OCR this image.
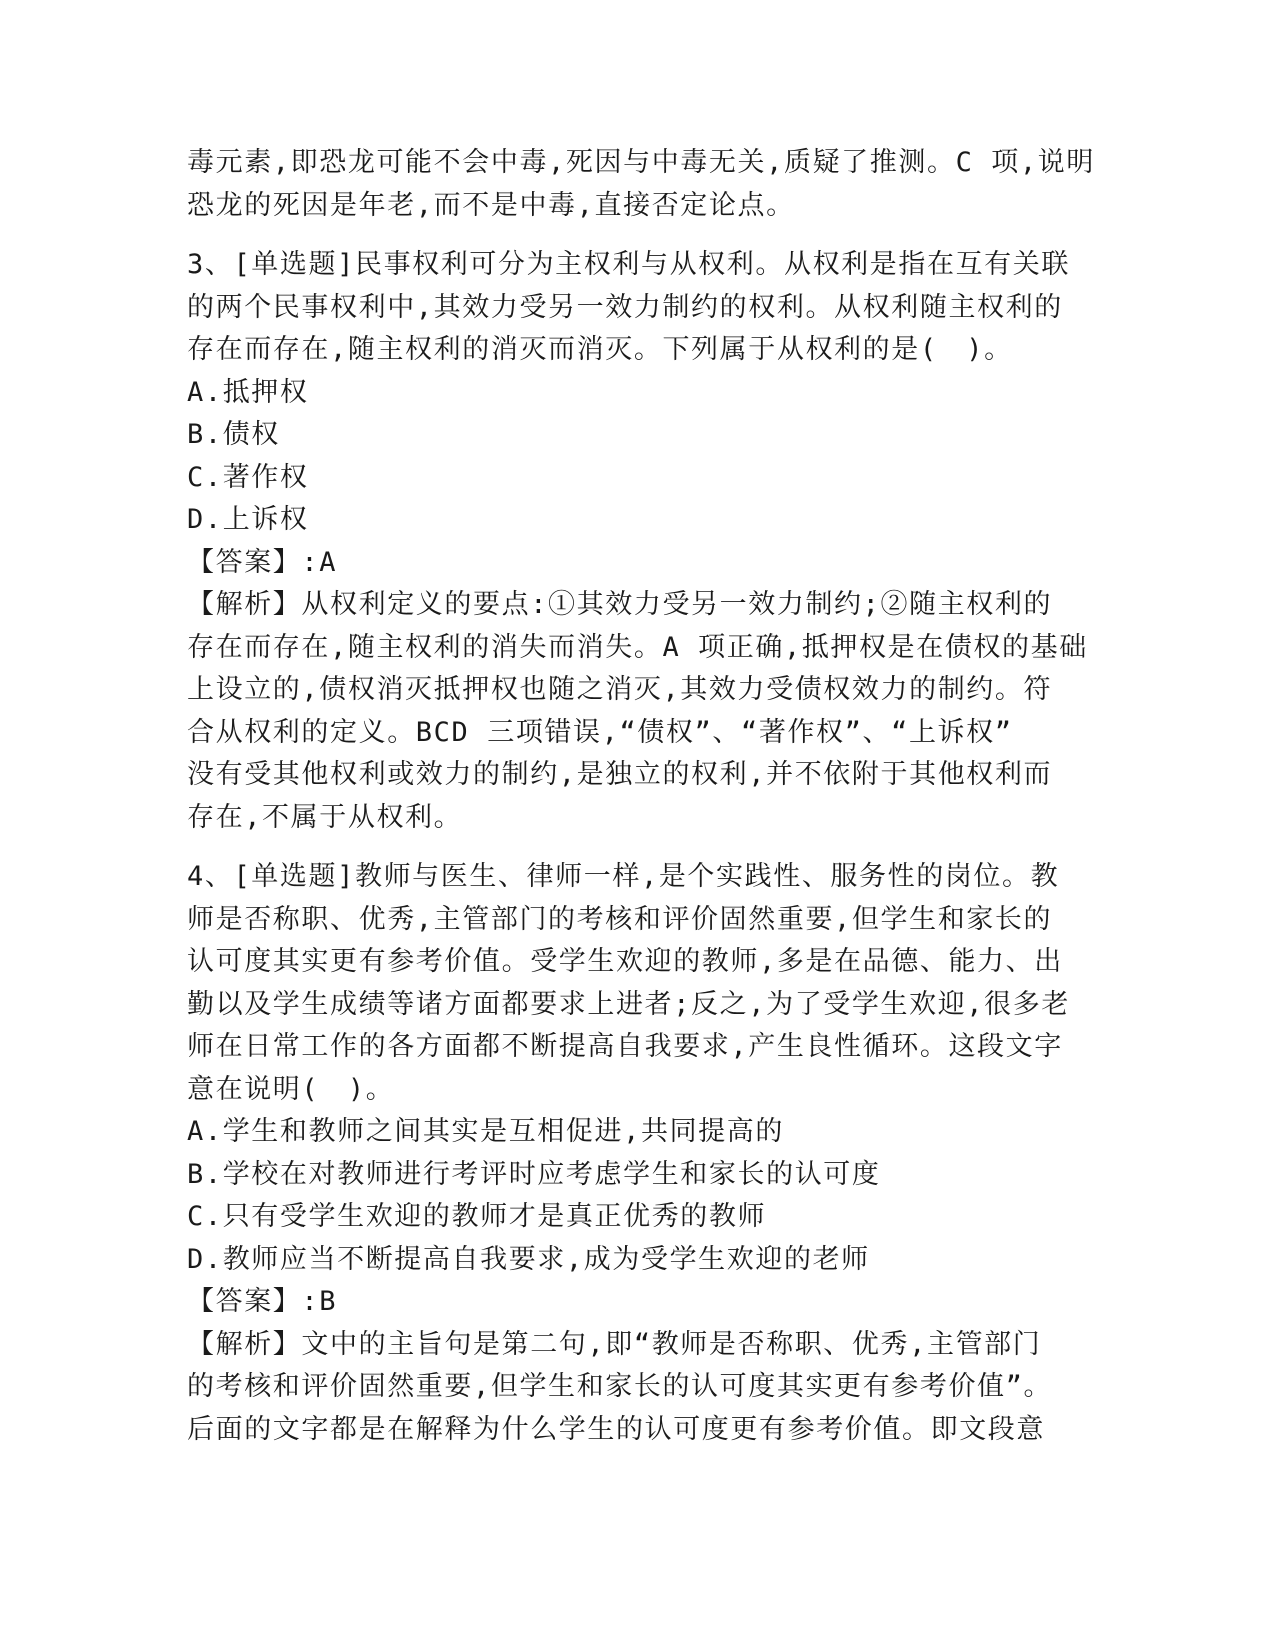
毒元素,即恐龙可能不会中毒,死因与中毒无关,质疑了推测。C 项,说明
恐龙的死因是年老,而不是中毒,直接否定论点。
3、[单选题]民事权利可分为主权利与从权利。从权利是指在互有关联
的两个民事权利中,其效力受另一效力制约的权利。从权利随主权利的
存在而存在,随主权利的消灭而消灭。下列属于从权利的是(　)。
A.抵押权
B.债权
C.著作权
D.上诉权
【答案】:A
【解析】从权利定义的要点:①其效力受另一效力制约;②随主权利的
存在而存在,随主权利的消失而消失。A 项正确,抵押权是在债权的基础
上设立的,债权消灭抵押权也随之消灭,其效力受债权效力的制约。符
合从权利的定义。BCD 三项错误,“债权”、“著作权”、“上诉权”
没有受其他权利或效力的制约,是独立的权利,并不依附于其他权利而
存在,不属于从权利。
4、[单选题]教师与医生、律师一样,是个实践性、服务性的岗位。教
师是否称职、优秀,主管部门的考核和评价固然重要,但学生和家长的
认可度其实更有参考价值。受学生欢迎的教师,多是在品德、能力、出
勤以及学生成绩等诸方面都要求上进者;反之,为了受学生欢迎,很多老
师在日常工作的各方面都不断提高自我要求,产生良性循环。这段文字
意在说明(　)。
A.学生和教师之间其实是互相促进,共同提高的
B.学校在对教师进行考评时应考虑学生和家长的认可度
C.只有受学生欢迎的教师才是真正优秀的教师
D.教师应当不断提高自我要求,成为受学生欢迎的老师
【答案】:B
【解析】文中的主旨句是第二句,即“教师是否称职、优秀,主管部门
的考核和评价固然重要,但学生和家长的认可度其实更有参考价值”。
后面的文字都是在解释为什么学生的认可度更有参考价值。即文段意
